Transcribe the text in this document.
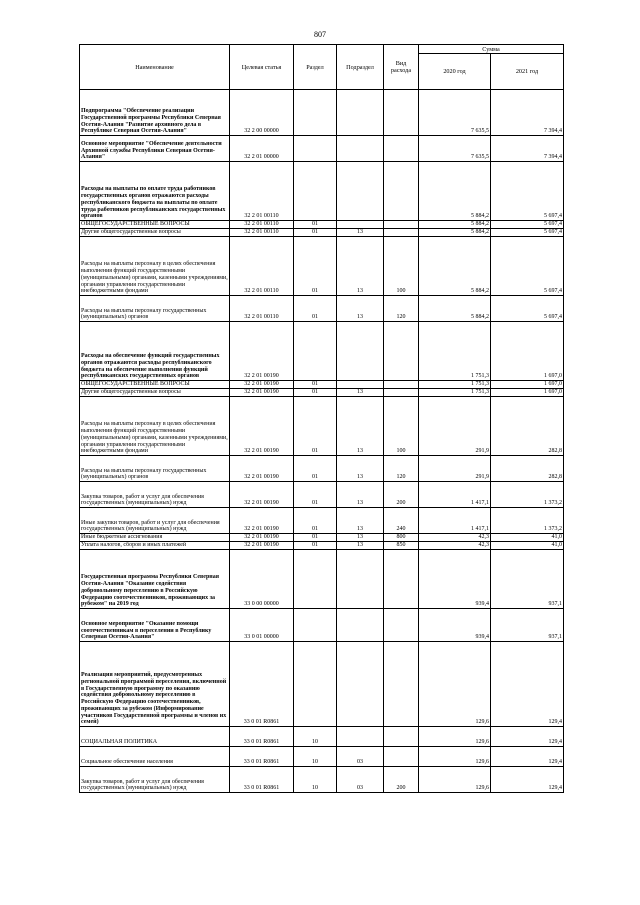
807
Наименование	Целевая статья	Раздел	Подраздел	Вид расхода	Сумма	
					2020 год	2021 год
Подпрограмма "Обеспечение реализации Государственной программы Республики Северная Осетия-Алания "Развитие архивного дела в Республике Северная Осетия-Алания"	32 2 00 00000				7 635,5	7 394,4
Основное мероприятие "Обеспечение деятельности Архивной службы Республики Северная Осетия-Алания"	32 2 01 00000				7 635,5	7 394,4
Расходы на выплаты по оплате труда работников государственных органов отражаются расходы республиканского бюджета на выплаты по оплате труда работников республиканских государственных органов	32 2 01 00110				5 884,2	5 697,4
ОБЩЕГОСУДАРСТВЕННЫЕ ВОПРОСЫ	32 2 01 00110	01			5 884,2	5 697,4
Другие общегосударственные вопросы	32 2 01 00110	01	13		5 884,2	5 697,4
Расходы на выплаты персоналу в целях обеспечения выполнения функций государственными (муниципальными) органами, казенными учреждениями, органами управления государственными внебюджетными фондами	32 2 01 00110	01	13	100	5 884,2	5 697,4
Расходы на выплаты персоналу государственных (муниципальных) органов	32 2 01 00110	01	13	120	5 884,2	5 697,4
Расходы на обеспечение функций государственных органов отражаются расходы республиканского бюджета на обеспечение выполнения функций республиканских государственных органов	32 2 01 00190				1 751,3	1 697,0
ОБЩЕГОСУДАРСТВЕННЫЕ ВОПРОСЫ	32 2 01 00190	01			1 751,3	1 697,0
Другие общегосударственные вопросы	32 2 01 00190	01	13		1 751,3	1 697,0
Расходы на выплаты персоналу в целях обеспечения выполнения функций государственными (муниципальными) органами, казенными учреждениями, органами управления государственными внебюджетными фондами	32 2 01 00190	01	13	100	291,9	282,8
Расходы на выплаты персоналу государственных (муниципальных) органов	32 2 01 00190	01	13	120	291,9	282,8
Закупка товаров, работ и услуг для обеспечения государственных (муниципальных) нужд	32 2 01 00190	01	13	200	1 417,1	1 373,2
Иные закупки товаров, работ и услуг для обеспечения государственных (муниципальных) нужд	32 2 01 00190	01	13	240	1 417,1	1 373,2
Иные бюджетные ассигнования	32 2 01 00190	01	13	800	42,3	41,0
Уплата налогов, сборов и иных платежей	32 2 01 00190	01	13	850	42,3	41,0
Государственная программа Республики Северная Осетия-Алания "Оказание содействия добровольному переселению в Российскую Федерацию соотечественников, проживающих за рубежом" на 2019 год	33 0 00 00000				939,4	937,1
Основное мероприятие "Оказание помощи соотечественникам в переселении в Республику Северная Осетия-Алания"	33 0 01 00000				939,4	937,1
Реализация мероприятий, предусмотренных региональной программой переселения, включенной в Государственную программу по оказанию содействия добровольному переселению в Российскую Федерацию соотечественников, проживающих за рубежом (Информирование участников Государственной программы и членов их семей)	33 0 01 R0861				129,6	129,4
СОЦИАЛЬНАЯ ПОЛИТИКА	33 0 01 R0861	10			129,6	129,4
Социальное обеспечение населения	33 0 01 R0861	10	03		129,6	129,4
Закупка товаров, работ и услуг для обеспечения государственных (муниципальных) нужд	33 0 01 R0861	10	03	200	129,6	129,4
